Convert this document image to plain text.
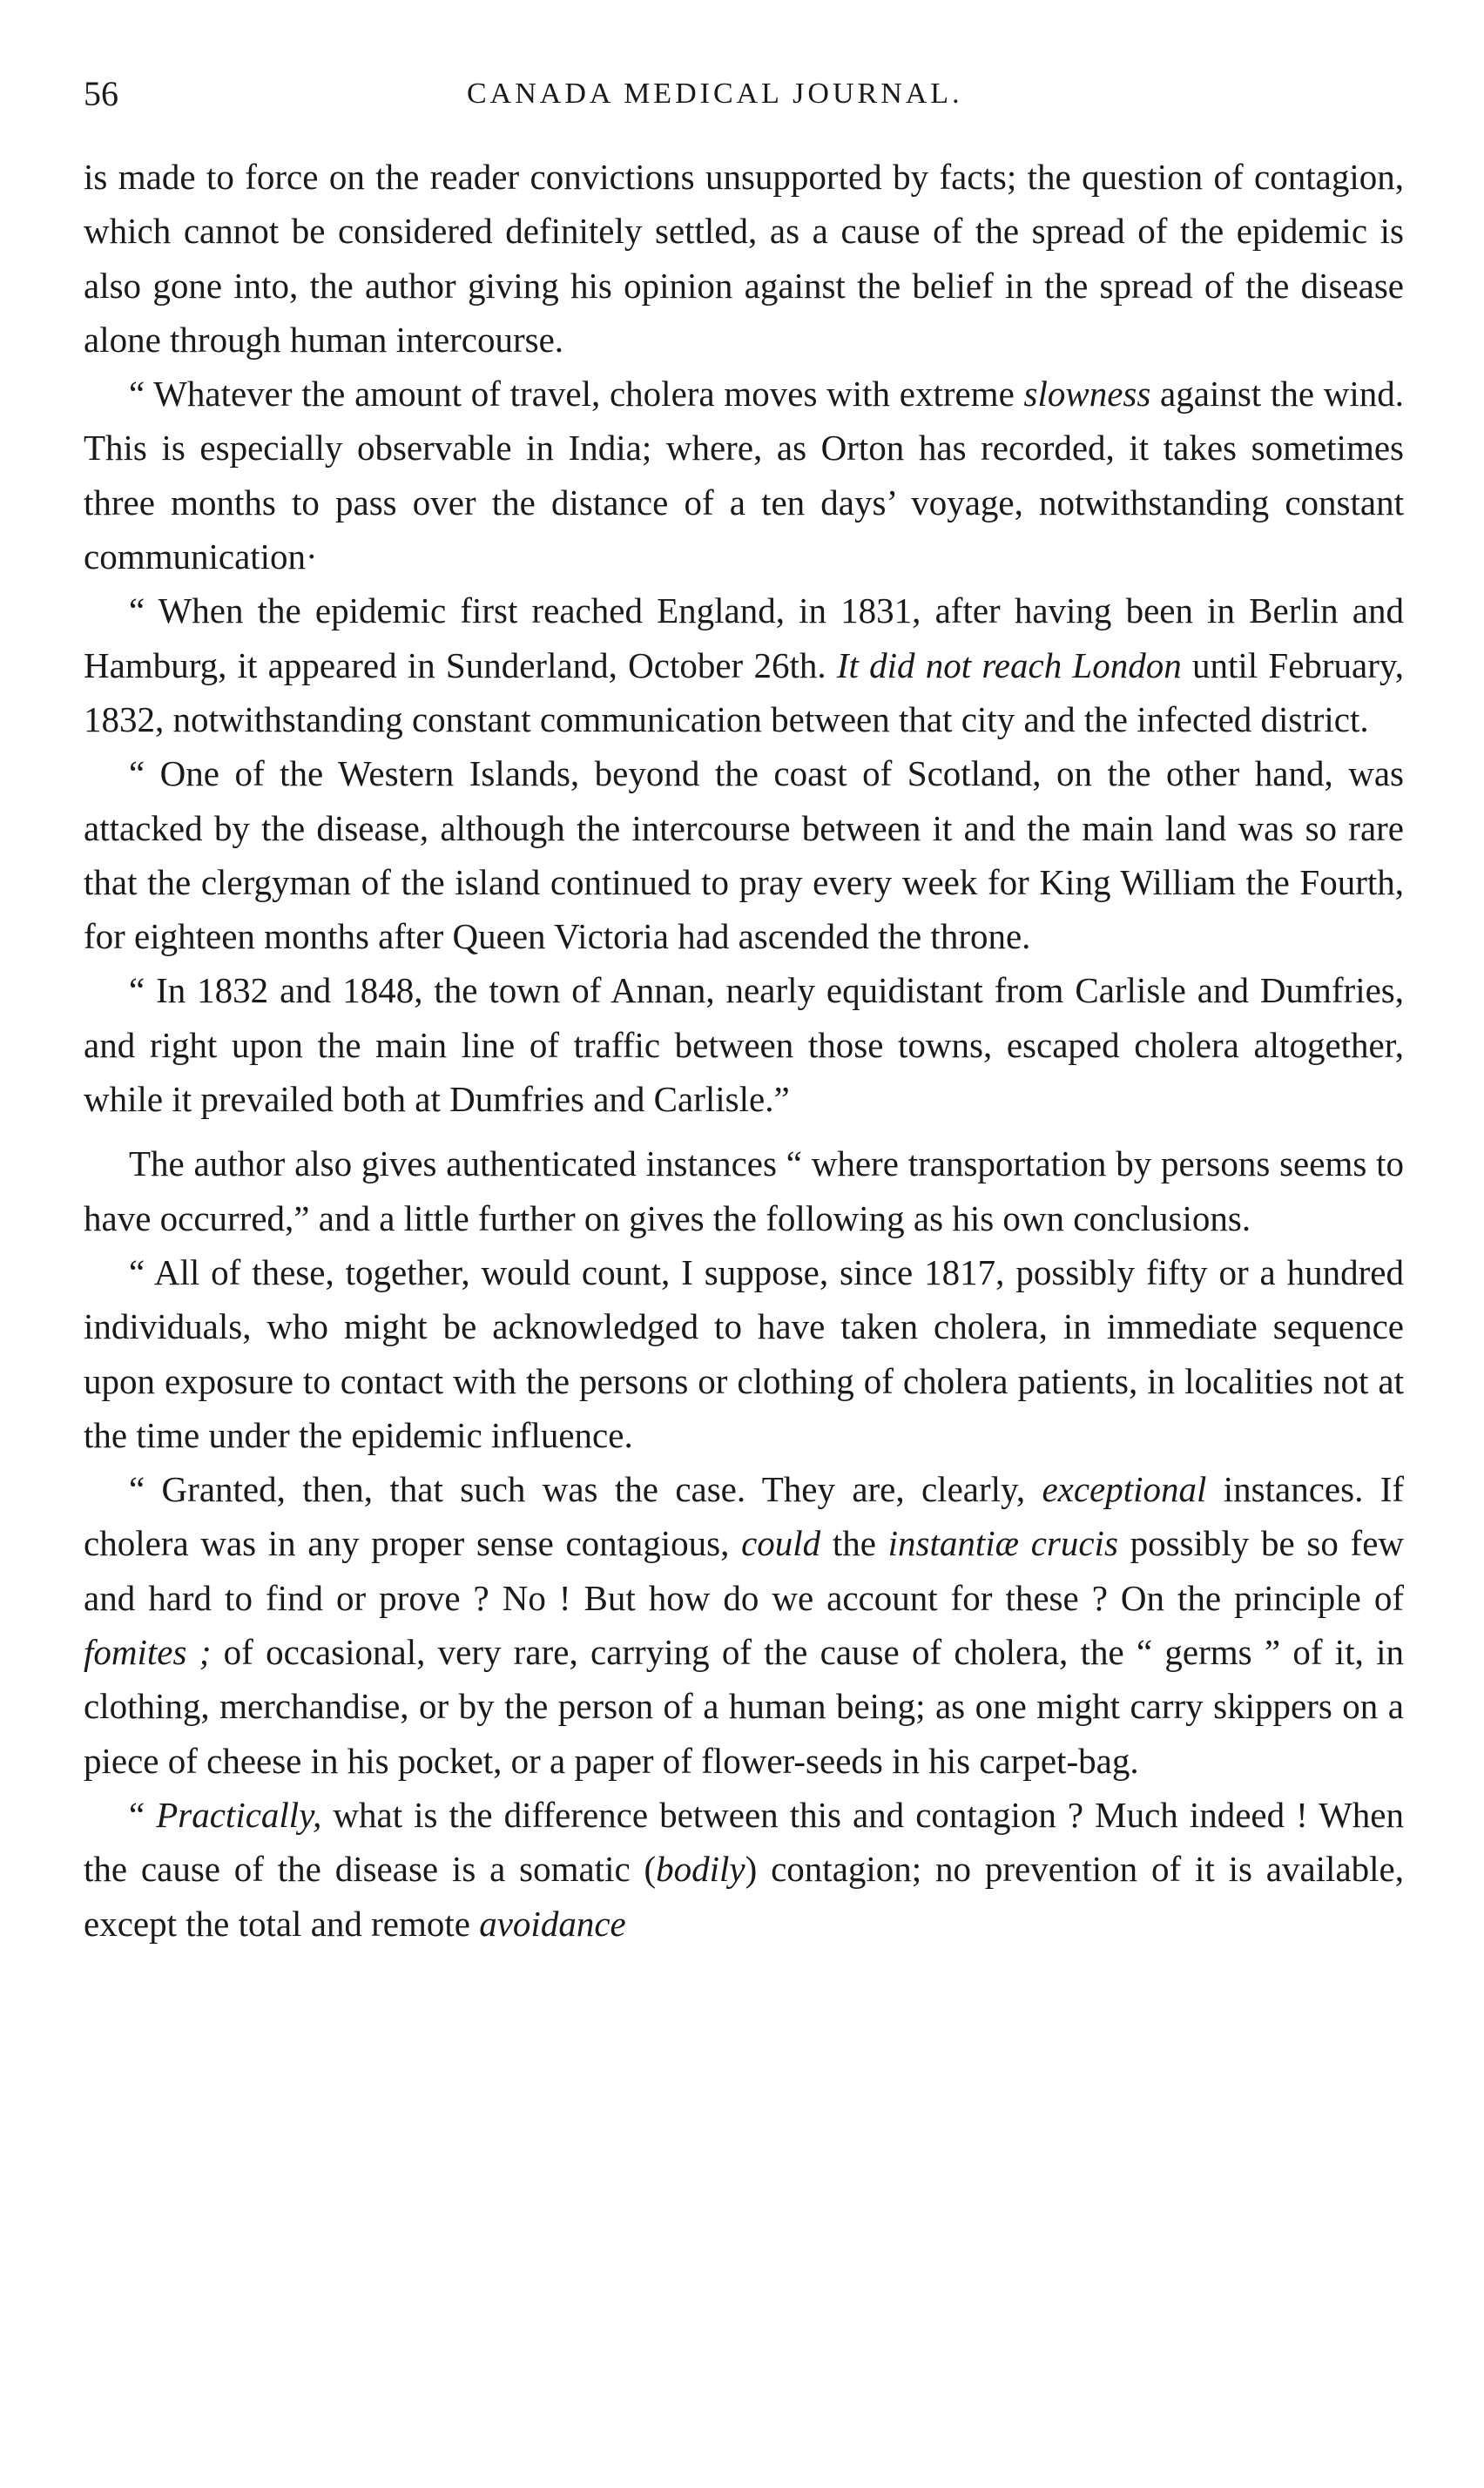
56	CANADA MEDICAL JOURNAL.

is made to force on the reader convictions unsupported by facts; the question of contagion, which cannot be considered definitely settled, as a cause of the spread of the epidemic is also gone into, the author giving his opinion against the belief in the spread of the disease alone through human intercourse.

“ Whatever the amount of travel, cholera moves with extreme slowness against the wind. This is especially observable in India; where, as Orton has recorded, it takes sometimes three months to pass over the distance of a ten days’ voyage, notwithstanding constant communication·

“ When the epidemic first reached England, in 1831, after having been in Berlin and Hamburg, it appeared in Sunderland, October 26th. It did not reach London until February, 1832, notwithstanding constant communication between that city and the infected district.

“ One of the Western Islands, beyond the coast of Scotland, on the other hand, was attacked by the disease, although the intercourse between it and the main land was so rare that the clergyman of the island continued to pray every week for King William the Fourth, for eighteen months after Queen Victoria had ascended the throne.

“ In 1832 and 1848, the town of Annan, nearly equidistant from Carlisle and Dumfries, and right upon the main line of traffic between those towns, escaped cholera altogether, while it prevailed both at Dumfries and Carlisle.”

The author also gives authenticated instances “ where transportation by persons seems to have occurred,” and a little further on gives the following as his own conclusions.

“ All of these, together, would count, I suppose, since 1817, possibly fifty or a hundred individuals, who might be acknowledged to have taken cholera, in immediate sequence upon exposure to contact with the persons or clothing of cholera patients, in localities not at the time under the epidemic influence.

“ Granted, then, that such was the case. They are, clearly, exceptional instances. If cholera was in any proper sense contagious, could the instantiæ crucis possibly be so few and hard to find or prove ? No ! But how do we account for these ? On the principle of fomites ; of occasional, very rare, carrying of the cause of cholera, the “ germs ” of it, in clothing, merchandise, or by the person of a human being; as one might carry skippers on a piece of cheese in his pocket, or a paper of flower-seeds in his carpet-bag.

“ Practically, what is the difference between this and contagion ? Much indeed ! When the cause of the disease is a somatic (bodily) contagion; no prevention of it is available, except the total and remote avoidance
